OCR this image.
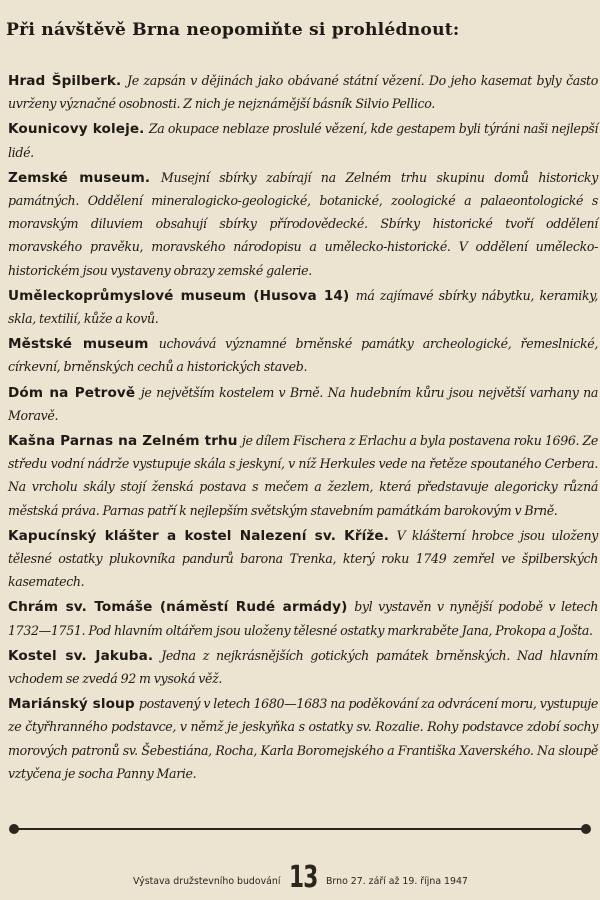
Při návštěvě Brna neopomiňte si prohlédnout:

Hrad Špilberk. Je zapsán v dějinách jako obávané státní vězení. Do jeho kasemat byly často uvrženy význačné osobnosti. Z nich je nejznámější básník Silvio Pellico.

Kounicovy koleje. Za okupace neblaze proslulé vězení, kde gestapem byli týráni naši nejlepší lidé.

Zemské museum. Musejní sbírky zabírají na Zelném trhu skupinu domů historicky památných. Oddělení mineralogicko-geologické, botanické, zoologické a palaeontologické s moravským diluviem obsahují sbírky přírodovědecké. Sbírky historické tvoří oddělení moravského pravěku, moravského národopisu a umělecko-historické. V oddělení umělecko-historickém jsou vystaveny obrazy zemské galerie.

Uměleckoprůmyslové museum (Husova 14) má zajímavé sbírky nábytku, keramiky, skla, textilií, kůže a kovů.

Městské museum uchovává významné brněnské památky archeologické, řemeslnické, církevní, brněnských cechů a historických staveb.

Dóm na Petrově je největším kostelem v Brně. Na hudebním kůru jsou největší varhany na Moravě.

Kašna Parnas na Zelném trhu je dílem Fischera z Erlachu a byla postavena roku 1696. Ze středu vodní nádrže vystupuje skála s jeskyní, v níž Herkules vede na řetěze spoutaného Cerbera. Na vrcholu skály stojí ženská postava s mečem a žezlem, která představuje alegoricky různá městská práva. Parnas patří k nejlepším světským stavebním památkám barokovým v Brně.

Kapucínský klášter a kostel Nalezení sv. Kříže. V klášterní hrobce jsou uloženy tělesné ostatky plukovníka pandurů barona Trenka, který roku 1749 zemřel ve špilberských kasematech.

Chrám sv. Tomáše (náměstí Rudé armády) byl vystavěn v nynější podobě v letech 1732—1751. Pod hlavním oltářem jsou uloženy tělesné ostatky markraběte Jana, Prokopa a Jošta.

Kostel sv. Jakuba. Jedna z nejkrásnějších gotických památek brněnských. Nad hlavním vchodem se zvedá 92 m vysoká věž.

Mariánský sloup postavený v letech 1680—1683 na poděkování za odvrácení moru, vystupuje ze čtyřhranného podstavce, v němž je jeskyňka s ostatky sv. Rozalie. Rohy podstavce zdobí sochy morových patronů sv. Šebestiána, Rocha, Karla Boromejského a Františka Xaverského. Na sloupě vztyčena je socha Panny Marie.

Výstava družstevního budování 13 Brno 27. září až 19. října 1947
